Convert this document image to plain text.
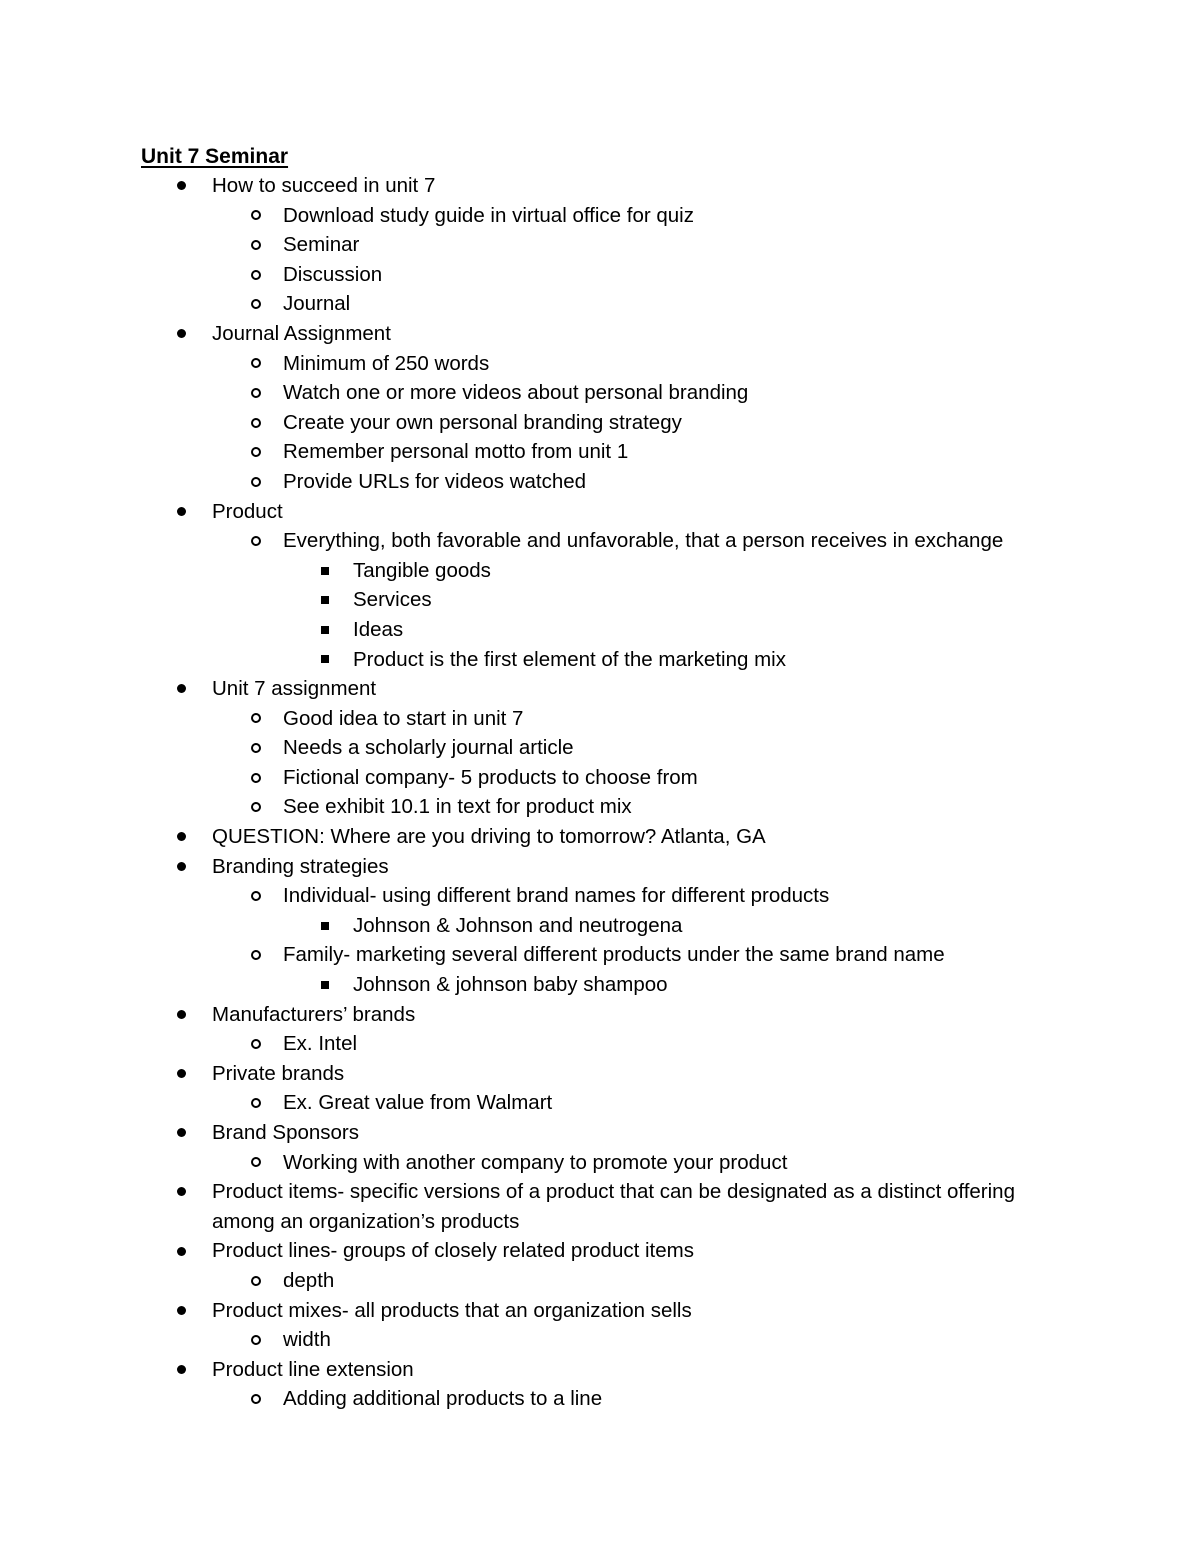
Unit 7 Seminar
How to succeed in unit 7
Download study guide in virtual office for quiz
Seminar
Discussion
Journal
Journal Assignment
Minimum of 250 words
Watch one or more videos about personal branding
Create your own personal branding strategy
Remember personal motto from unit 1
Provide URLs for videos watched
Product
Everything, both favorable and unfavorable, that a person receives in exchange
Tangible goods
Services
Ideas
Product is the first element of the marketing mix
Unit 7 assignment
Good idea to start in unit 7
Needs a scholarly journal article
Fictional company- 5 products to choose from
See exhibit 10.1 in text for product mix
QUESTION: Where are you driving to tomorrow? Atlanta, GA
Branding strategies
Individual- using different brand names for different products
Johnson & Johnson and neutrogena
Family- marketing several different products under the same brand name
Johnson & johnson baby shampoo
Manufacturers’ brands
Ex. Intel
Private brands
Ex. Great value from Walmart
Brand Sponsors
Working with another company to promote your product
Product items- specific versions of a product that can be designated as a distinct offering among an organization’s products
Product lines- groups of closely related product items
depth
Product mixes- all products that an organization sells
width
Product line extension
Adding additional products to a line
